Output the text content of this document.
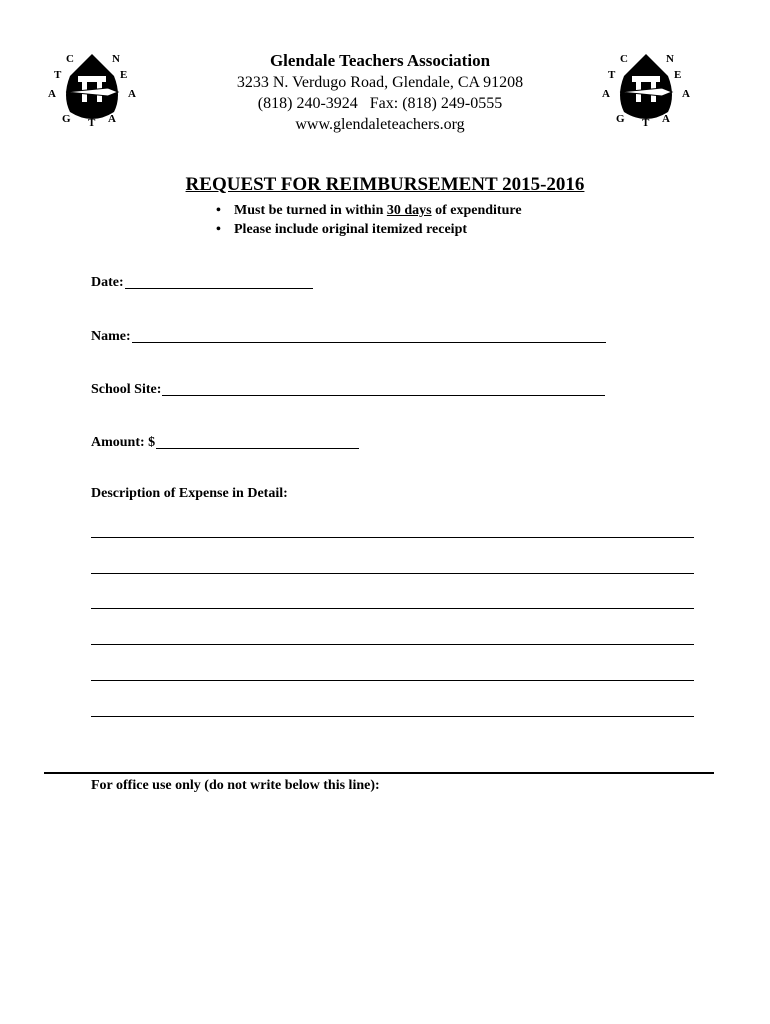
C	N
T	E
A	A
G T A
C	N
T	E
A	A
G T A
Glendale Teachers Association
3233 N. Verdugo Road, Glendale, CA 91208
(818) 240-3924   Fax: (818) 249-0555
www.glendaleteachers.org
REQUEST FOR REIMBURSEMENT 2015-2016
• Must be turned in within 30 days of expenditure
• Please include original itemized receipt
Date:
Name:
School Site:
Amount: $
Description of Expense in Detail:
For office use only (do not write below this line):
